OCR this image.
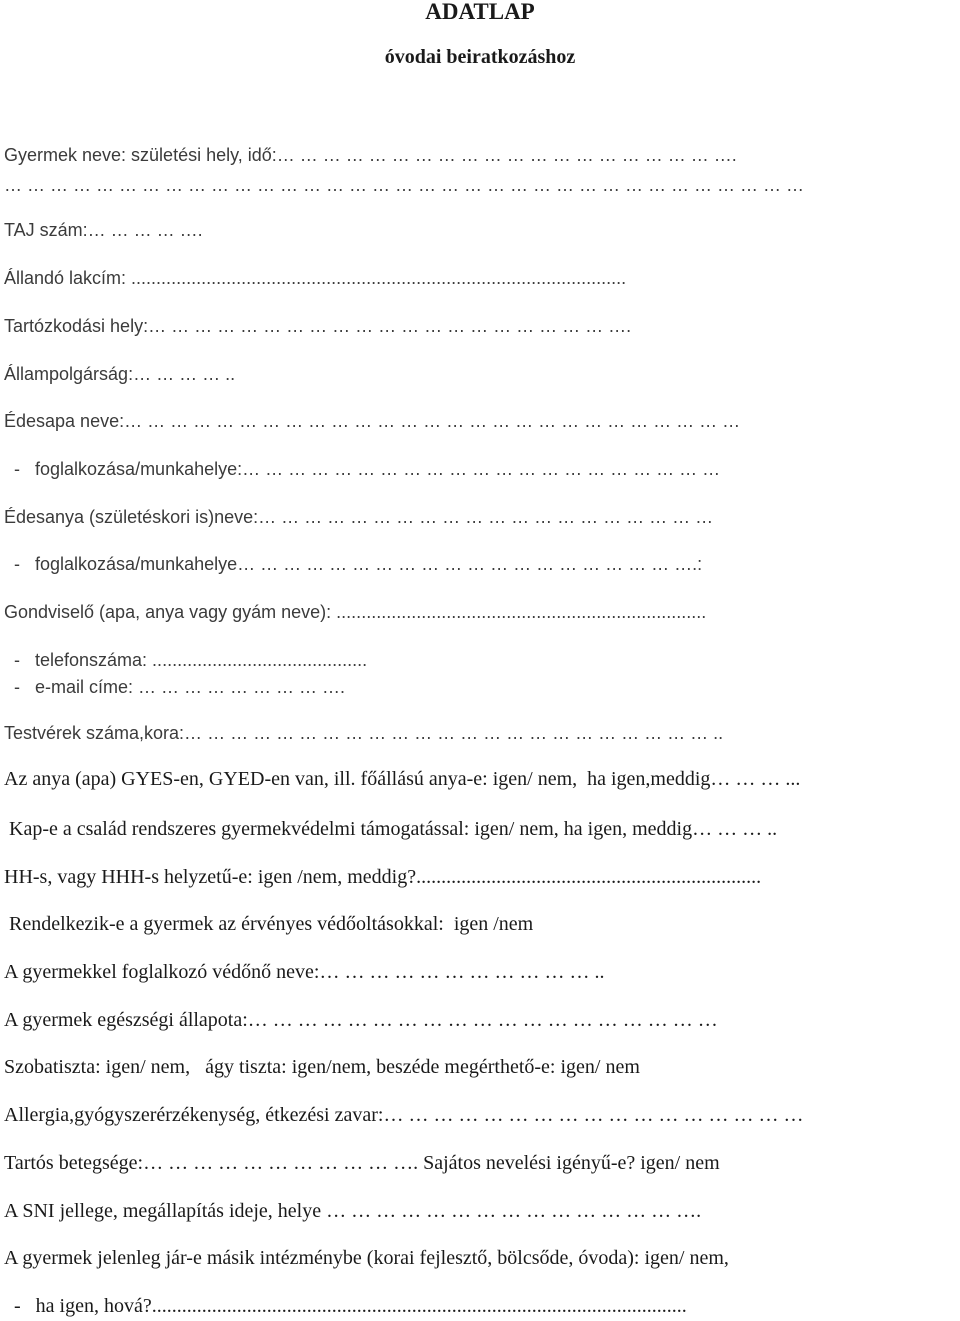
ADATLAP
óvodai beiratkozáshoz
Gyermek neve: születési hely, idő:… … … … … … … … … … … … … … … … … … … ….
… … … … … … … … … … … … … … … … … … … … … … … … … … … … … … … … … … …
TAJ szám:… … … … ….
Állandó lakcím: ...................................................................................................
Tartózkodási hely:… … … … … … … … … … … … … … … … … … … … ….
Állampolgárság:… … … … ..
Édesapa neve:… … … … … … … … … … … … … … … … … … … … … … … … … … …
-   foglalkozása/munkahelye:… … … … … … … … … … … … … … … … … … … … …
Édesanya (születéskori is)neve:… … … … … … … … … … … … … … … … … … … …
-   foglalkozása/munkahelye… … … … … … … … … … … … … … … … … … … ….:
Gondviselő (apa, anya vagy gyám neve): ..........................................................................
-   telefonszáma: ...........................................
-   e-mail címe: … … … … … … … … ….
Testvérek száma,kora:… … … … … … … … … … … … … … … … … … … … … … … ..
Az anya (apa) GYES-en, GYED-en van, ill. főállású anya-e: igen/ nem,  ha igen,meddig… … … ...
Kap-e a család rendszeres gyermekvédelmi támogatással: igen/ nem, ha igen, meddig… … … ..
HH-s, vagy HHH-s helyzetű-e: igen /nem, meddig?.....................................................................
Rendelkezik-e a gyermek az érvényes védőoltásokkal:  igen /nem
A gyermekkel foglalkozó védőnő neve:… … … … … … … … … … … ..
A gyermek egészségi állapota:… … … … … … … … … … … … … … … … … … …
Szobatiszta: igen/ nem,   ágy tiszta: igen/nem, beszéde megérthető-e: igen/ nem
Allergia,gyógyszerérzékenység, étkezési zavar:… … … … … … … … … … … … … … … … …
Tartós betegsége:… … … … … … … … … … …. Sajátos nevelési igényű-e? igen/ nem
A SNI jellege, megállapítás ideje, helye … … … … … … … … … … … … … … ….
A gyermek jelenleg jár-e másik intézménybe (korai fejlesztő, bölcsőde, óvoda): igen/ nem,
-   ha igen, hová?...........................................................................................................
